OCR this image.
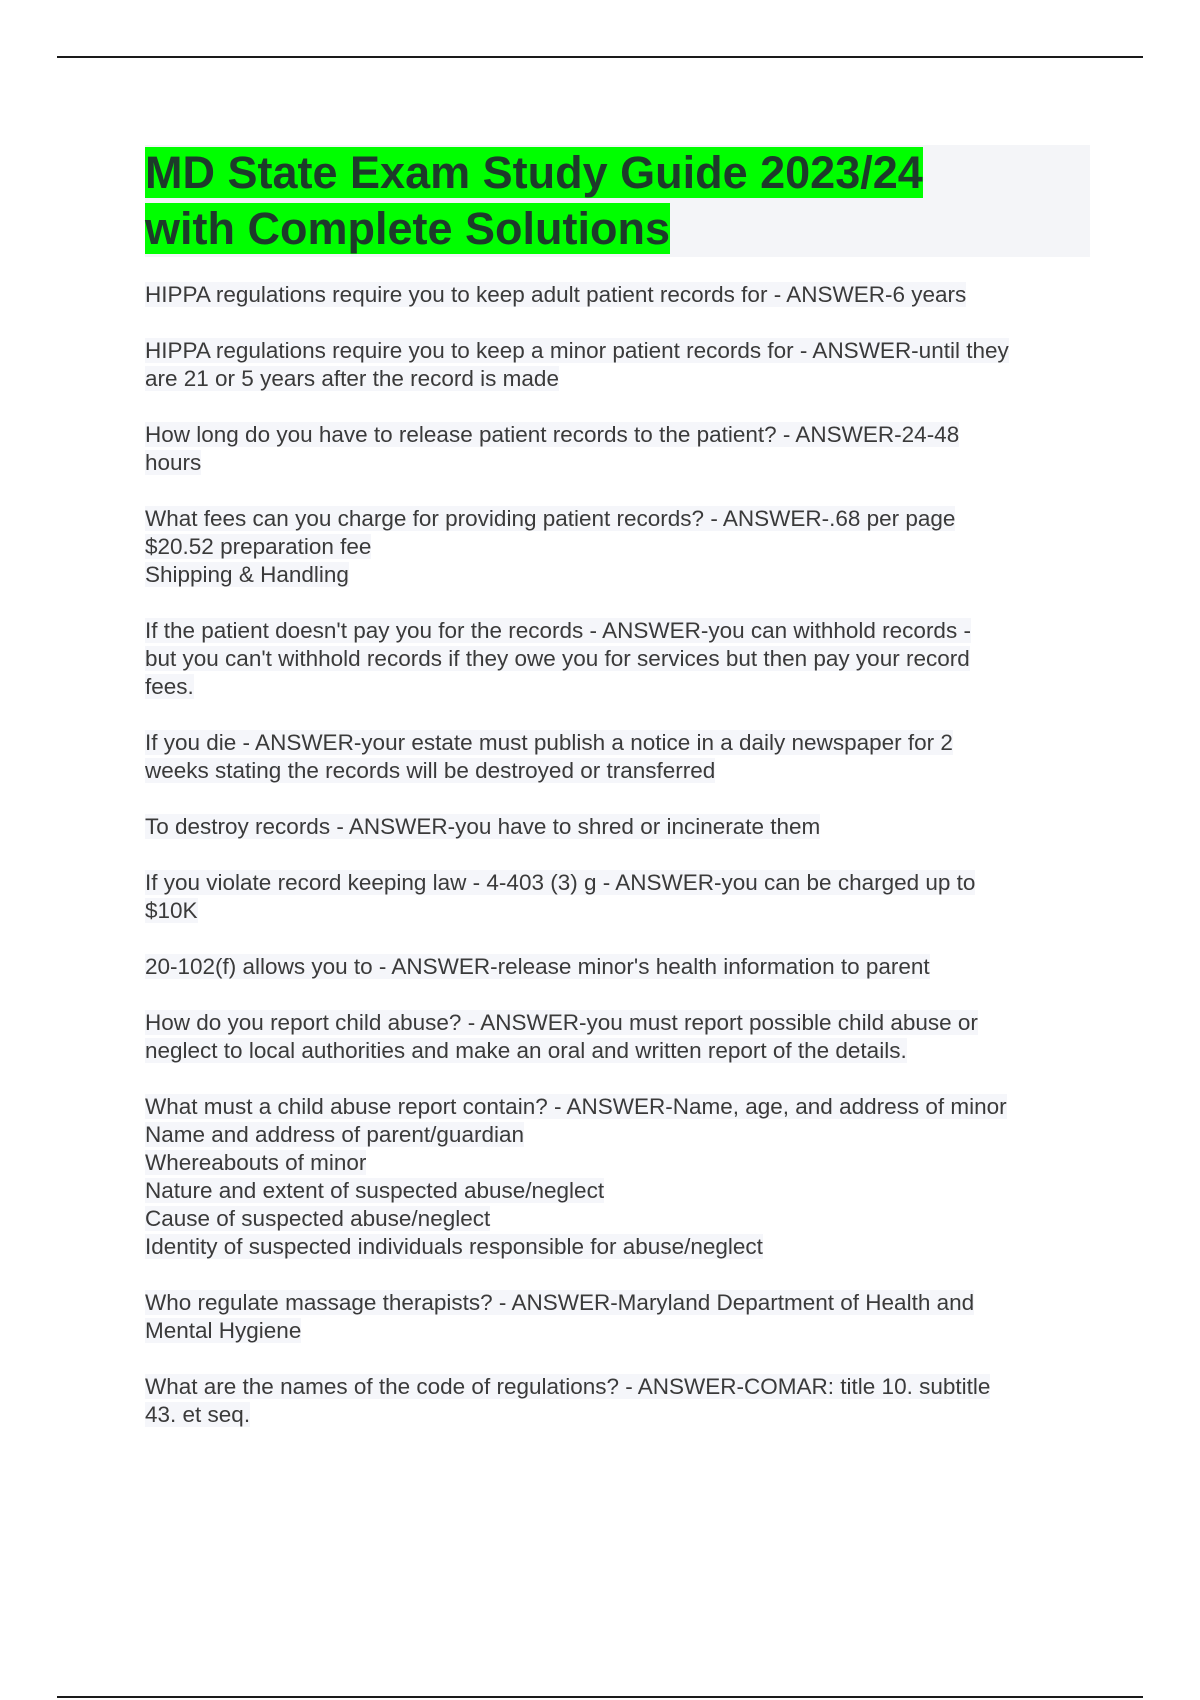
MD State Exam Study Guide 2023/24
with Complete Solutions
HIPPA regulations require you to keep adult patient records for - ANSWER-6 years
HIPPA regulations require you to keep a minor patient records for - ANSWER-until they
are 21 or 5 years after the record is made
How long do you have to release patient records to the patient? - ANSWER-24-48
hours
What fees can you charge for providing patient records? - ANSWER-.68 per page
$20.52 preparation fee
Shipping & Handling
If the patient doesn't pay you for the records - ANSWER-you can withhold records -
but you can't withhold records if they owe you for services but then pay your record
fees.
If you die - ANSWER-your estate must publish a notice in a daily newspaper for 2
weeks stating the records will be destroyed or transferred
To destroy records - ANSWER-you have to shred or incinerate them
If you violate record keeping law - 4-403 (3) g - ANSWER-you can be charged up to
$10K
20-102(f) allows you to - ANSWER-release minor's health information to parent
How do you report child abuse? - ANSWER-you must report possible child abuse or
neglect to local authorities and make an oral and written report of the details.
What must a child abuse report contain? - ANSWER-Name, age, and address of minor
Name and address of parent/guardian
Whereabouts of minor
Nature and extent of suspected abuse/neglect
Cause of suspected abuse/neglect
Identity of suspected individuals responsible for abuse/neglect
Who regulate massage therapists? - ANSWER-Maryland Department of Health and
Mental Hygiene
What are the names of the code of regulations? - ANSWER-COMAR: title 10. subtitle
43. et seq.
